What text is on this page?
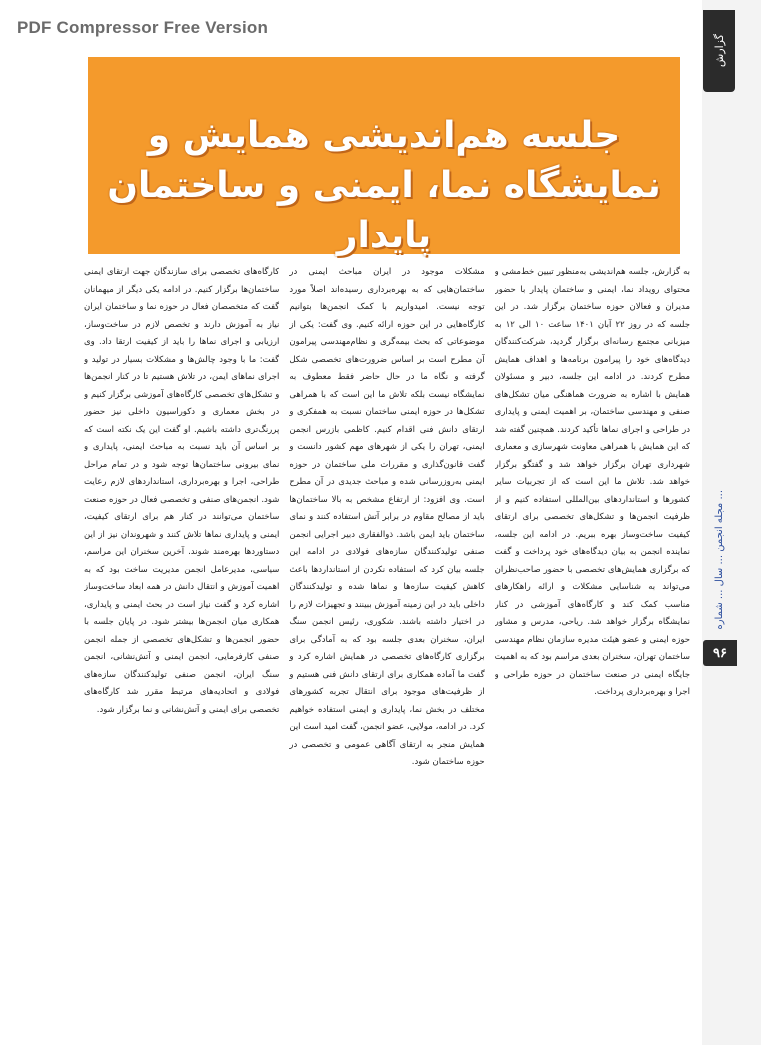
PDF Compressor Free Version
جلسه هم‌اندیشی همایش و نمایشگاه نما، ایمنی و ساختمان پایدار
گزارش
مجله انجمن ... سال ... شماره ...
۹۶

به گزارش، جلسه هم‌اندیشی به‌منظور تبیین خط‌مشی و محتوای رویداد نما، ایمنی و ساختمان پایدار با حضور مدیران و فعالان حوزه ساختمان برگزار شد. در این جلسه که در روز ۲۲ آبان ۱۴۰۱ ساعت ۱۰ الی ۱۲ به میزبانی مجتمع رسانه‌ای برگزار گردید، شرکت‌کنندگان دیدگاه‌های خود را پیرامون برنامه‌ها و اهداف همایش مطرح کردند. در ادامه این جلسه، دبیر و مسئولان همایش با اشاره به ضرورت هماهنگی میان تشکل‌های صنفی و مهندسی ساختمان، بر اهمیت ایمنی و پایداری در طراحی و اجرای نماها تأکید کردند. همچنین گفته شد که این همایش با همراهی معاونت شهرسازی و معماری شهرداری تهران برگزار خواهد شد و گفتگو برگزار خواهد شد. تلاش ما این است که از تجربیات سایر کشورها و استانداردهای بین‌المللی استفاده کنیم و از ظرفیت انجمن‌ها و تشکل‌های تخصصی برای ارتقای کیفیت ساخت‌وساز بهره ببریم. در ادامه این جلسه، نماینده انجمن به بیان دیدگاه‌های خود پرداخت و گفت که برگزاری همایش‌های تخصصی با حضور صاحب‌نظران می‌تواند به شناسایی مشکلات و ارائه راهکارهای مناسب کمک کند و کارگاه‌های آموزشی در کنار نمایشگاه برگزار خواهد شد. ریاحی، مدرس و مشاور حوزه ایمنی و عضو هیئت مدیره سازمان نظام مهندسی ساختمان تهران، سخنران بعدی مراسم بود که به اهمیت جایگاه ایمنی در صنعت ساختمان در حوزه طراحی و اجرا و بهره‌برداری پرداخت.

مشکلات موجود در ایران مباحث ایمنی در ساختمان‌هایی که به بهره‌برداری رسیده‌اند اصلاً مورد توجه نیست. امیدواریم با کمک انجمن‌ها بتوانیم کارگاه‌هایی در این حوزه ارائه کنیم. وی گفت: یکی از موضوعاتی که بحث بیمه‌گری و نظام‌مهندسی پیرامون آن مطرح است بر اساس ضرورت‌های تخصصی شکل گرفته و نگاه ما در حال حاضر فقط معطوف به نمایشگاه نیست بلکه تلاش ما این است که با همراهی تشکل‌ها در حوزه ایمنی ساختمان نسبت به همفکری و ارتقای دانش فنی اقدام کنیم. کاظمی بازرس انجمن ایمنی، تهران را یکی از شهرهای مهم کشور دانست و گفت قانون‌گذاری و مقررات ملی ساختمان در حوزه ایمنی به‌روزرسانی شده و مباحث جدیدی در آن مطرح است. وی افزود: از ارتفاع مشخص به بالا ساختمان‌ها باید از مصالح مقاوم در برابر آتش استفاده کنند و نمای ساختمان باید ایمن باشد. ذوالفقاری دبیر اجرایی انجمن صنفی تولیدکنندگان سازه‌های فولادی در ادامه این جلسه بیان کرد که استفاده نکردن از استانداردها باعث کاهش کیفیت سازه‌ها و نماها شده و تولیدکنندگان داخلی باید در این زمینه آموزش ببینند و تجهیزات لازم را در اختیار داشته باشند. شکوری، رئیس انجمن سنگ ایران، سخنران بعدی جلسه بود که به آمادگی برای برگزاری کارگاه‌های تخصصی در همایش اشاره کرد و گفت ما آماده همکاری برای ارتقای دانش فنی هستیم و از ظرفیت‌های موجود برای انتقال تجربه کشورهای مختلف در بخش نما، پایداری و ایمنی استفاده خواهیم کرد. در ادامه، مولایی، عضو انجمن، گفت امید است این همایش منجر به ارتقای آگاهی عمومی و تخصصی در حوزه ساختمان شود.

کارگاه‌های تخصصی برای سازندگان جهت ارتقای ایمنی ساختمان‌ها برگزار کنیم. در ادامه یکی دیگر از میهمانان گفت که متخصصان فعال در حوزه نما و ساختمان ایران نیاز به آموزش دارند و تخصص لازم در ساخت‌وساز، ارزیابی و اجرای نماها را باید از کیفیت ارتقا داد. وی گفت: ما با وجود چالش‌ها و مشکلات بسیار در تولید و اجرای نماهای ایمن، در تلاش هستیم تا در کنار انجمن‌ها و تشکل‌های تخصصی کارگاه‌های آموزشی برگزار کنیم و در بخش معماری و دکوراسیون داخلی نیز حضور پررنگ‌تری داشته باشیم. او گفت این یک نکته است که بر اساس آن باید نسبت به مباحث ایمنی، پایداری و نمای بیرونی ساختمان‌ها توجه شود و در تمام مراحل طراحی، اجرا و بهره‌برداری، استانداردهای لازم رعایت شود. انجمن‌های صنفی و تخصصی فعال در حوزه صنعت ساختمان می‌توانند در کنار هم برای ارتقای کیفیت، ایمنی و پایداری نماها تلاش کنند و شهروندان نیز از این دستاوردها بهره‌مند شوند. آخرین سخنران این مراسم، سیاسی، مدیرعامل انجمن مدیریت ساخت بود که به اهمیت آموزش و انتقال دانش در همه ابعاد ساخت‌وساز اشاره کرد و گفت نیاز است در بحث ایمنی و پایداری، همکاری میان انجمن‌ها بیشتر شود. در پایان جلسه با حضور انجمن‌ها و تشکل‌های تخصصی از جمله انجمن صنفی کارفرمایی، انجمن ایمنی و آتش‌نشانی، انجمن سنگ ایران، انجمن صنفی تولیدکنندگان سازه‌های فولادی و اتحادیه‌های مرتبط مقرر شد کارگاه‌های تخصصی برای ایمنی و آتش‌نشانی و نما برگزار شود.
